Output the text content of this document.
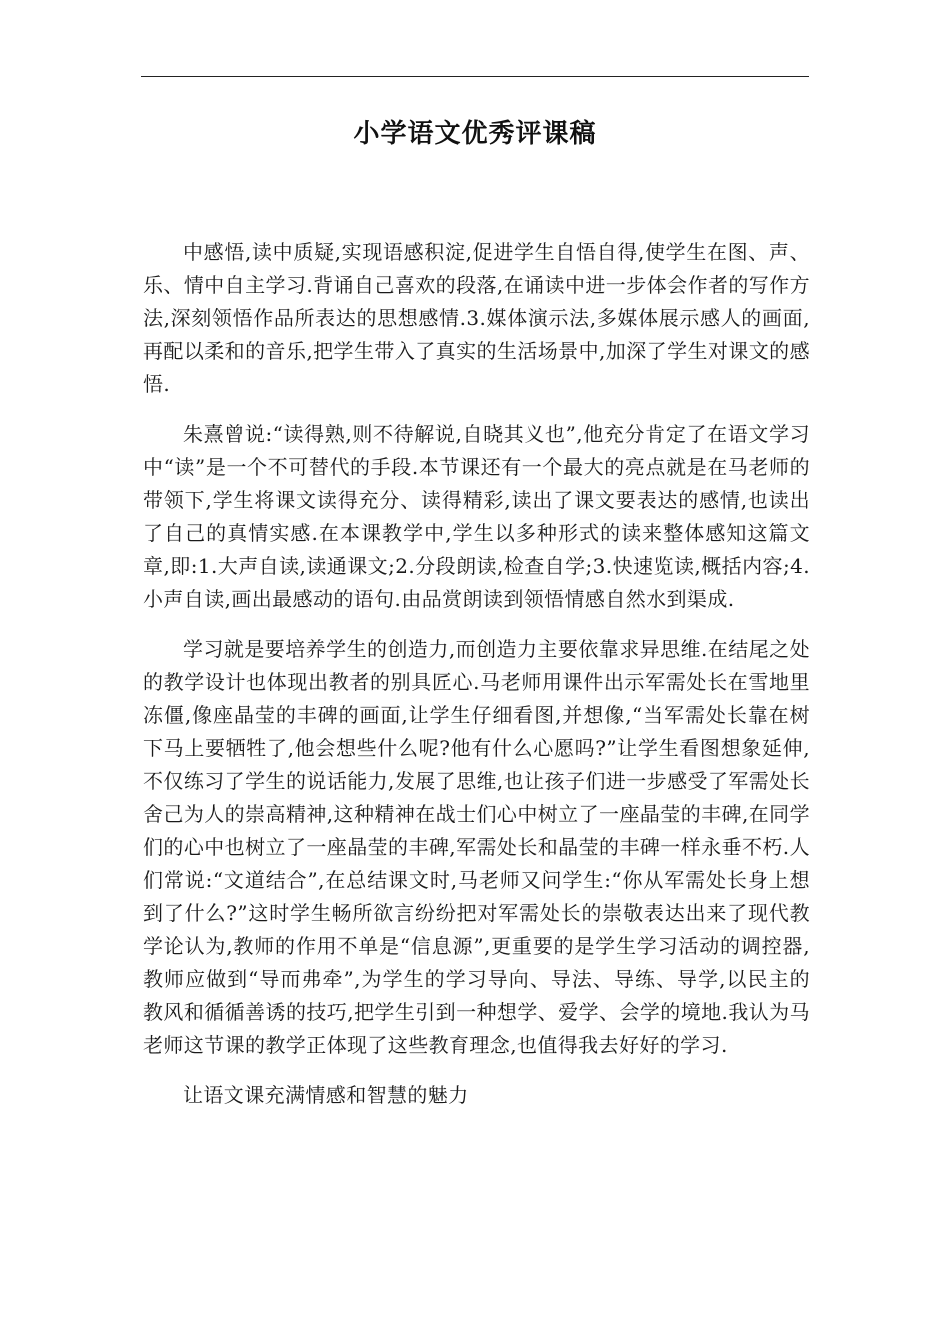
小学语文优秀评课稿

中感悟,读中质疑,实现语感积淀,促进学生自悟自得,使学生在图、声、乐、情中自主学习.背诵自己喜欢的段落,在诵读中进一步体会作者的写作方法,深刻领悟作品所表达的思想感情.3.媒体演示法,多媒体展示感人的画面,再配以柔和的音乐,把学生带入了真实的生活场景中,加深了学生对课文的感悟.

朱熹曾说:“读得熟,则不待解说,自晓其义也”,他充分肯定了在语文学习中“读”是一个不可替代的手段.本节课还有一个最大的亮点就是在马老师的带领下,学生将课文读得充分、读得精彩,读出了课文要表达的感情,也读出了自己的真情实感.在本课教学中,学生以多种形式的读来整体感知这篇文章,即:1.大声自读,读通课文;2.分段朗读,检查自学;3.快速览读,概括内容;4.小声自读,画出最感动的语句.由品赏朗读到领悟情感自然水到渠成.

学习就是要培养学生的创造力,而创造力主要依靠求异思维.在结尾之处的教学设计也体现出教者的别具匠心.马老师用课件出示军需处长在雪地里冻僵,像座晶莹的丰碑的画面,让学生仔细看图,并想像,“当军需处长靠在树下马上要牺牲了,他会想些什么呢?他有什么心愿吗?”让学生看图想象延伸,不仅练习了学生的说话能力,发展了思维,也让孩子们进一步感受了军需处长舍己为人的崇高精神,这种精神在战士们心中树立了一座晶莹的丰碑,在同学们的心中也树立了一座晶莹的丰碑,军需处长和晶莹的丰碑一样永垂不朽.人们常说:“文道结合”,在总结课文时,马老师又问学生:“你从军需处长身上想到了什么?”这时学生畅所欲言纷纷把对军需处长的崇敬表达出来了现代教学论认为,教师的作用不单是“信息源”,更重要的是学生学习活动的调控器,教师应做到“导而弗牵”,为学生的学习导向、导法、导练、导学,以民主的教风和循循善诱的技巧,把学生引到一种想学、爱学、会学的境地.我认为马老师这节课的教学正体现了这些教育理念,也值得我去好好的学习.

让语文课充满情感和智慧的魅力
